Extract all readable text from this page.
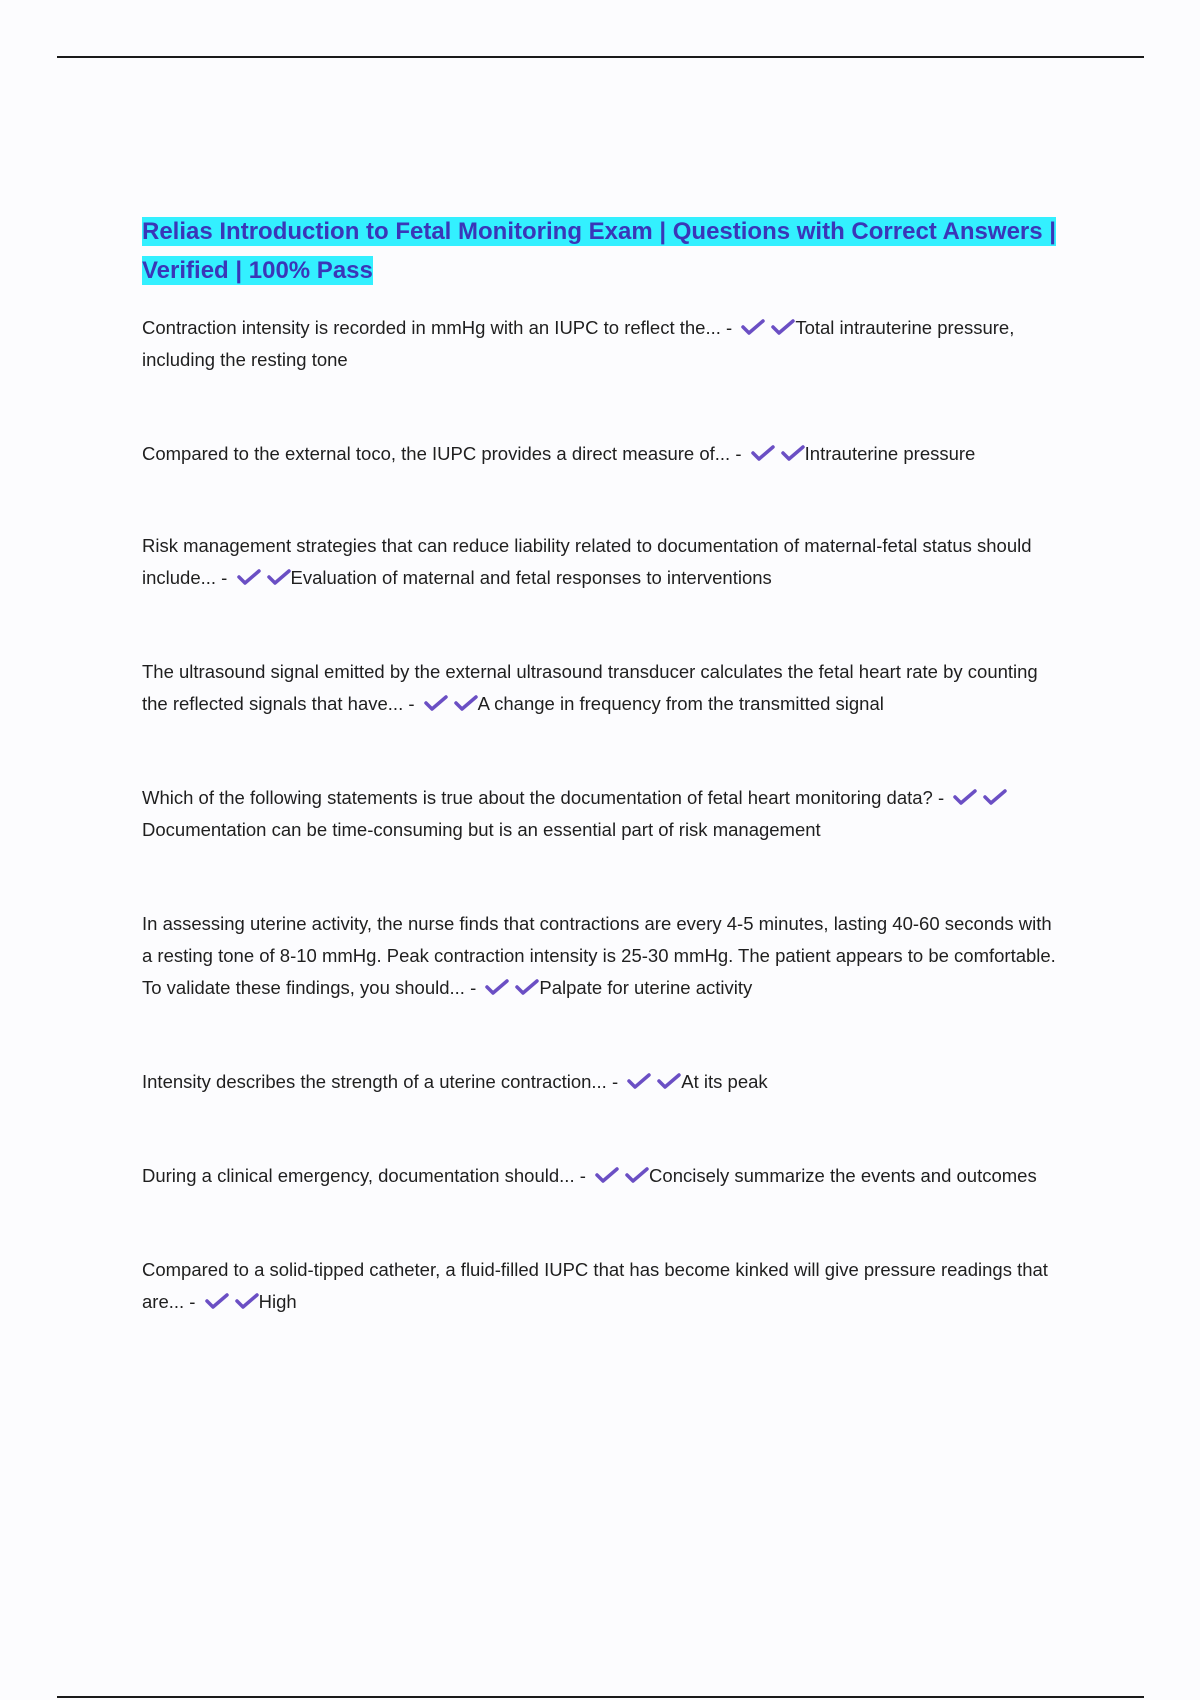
Relias Introduction to Fetal Monitoring Exam | Questions with Correct Answers | Verified | 100% Pass

Contraction intensity is recorded in mmHg with an IUPC to reflect the... -	Total intrauterine pressure, including the resting tone

Compared to the external toco, the IUPC provides a direct measure of... -	Intrauterine pressure

Risk management strategies that can reduce liability related to documentation of maternal-fetal status should include... -	Evaluation of maternal and fetal responses to interventions

The ultrasound signal emitted by the external ultrasound transducer calculates the fetal heart rate by counting the reflected signals that have... -	A change in frequency from the transmitted signal

Which of the following statements is true about the documentation of fetal heart monitoring data? -
Documentation can be time-consuming but is an essential part of risk management

In assessing uterine activity, the nurse finds that contractions are every 4-5 minutes, lasting 40-60 seconds with a resting tone of 8-10 mmHg. Peak contraction intensity is 25-30 mmHg. The patient appears to be comfortable. To validate these findings, you should... -	Palpate for uterine activity

Intensity describes the strength of a uterine contraction... -	At its peak

During a clinical emergency, documentation should... -	Concisely summarize the events and outcomes

Compared to a solid-tipped catheter, a fluid-filled IUPC that has become kinked will give pressure readings that are... -	High
